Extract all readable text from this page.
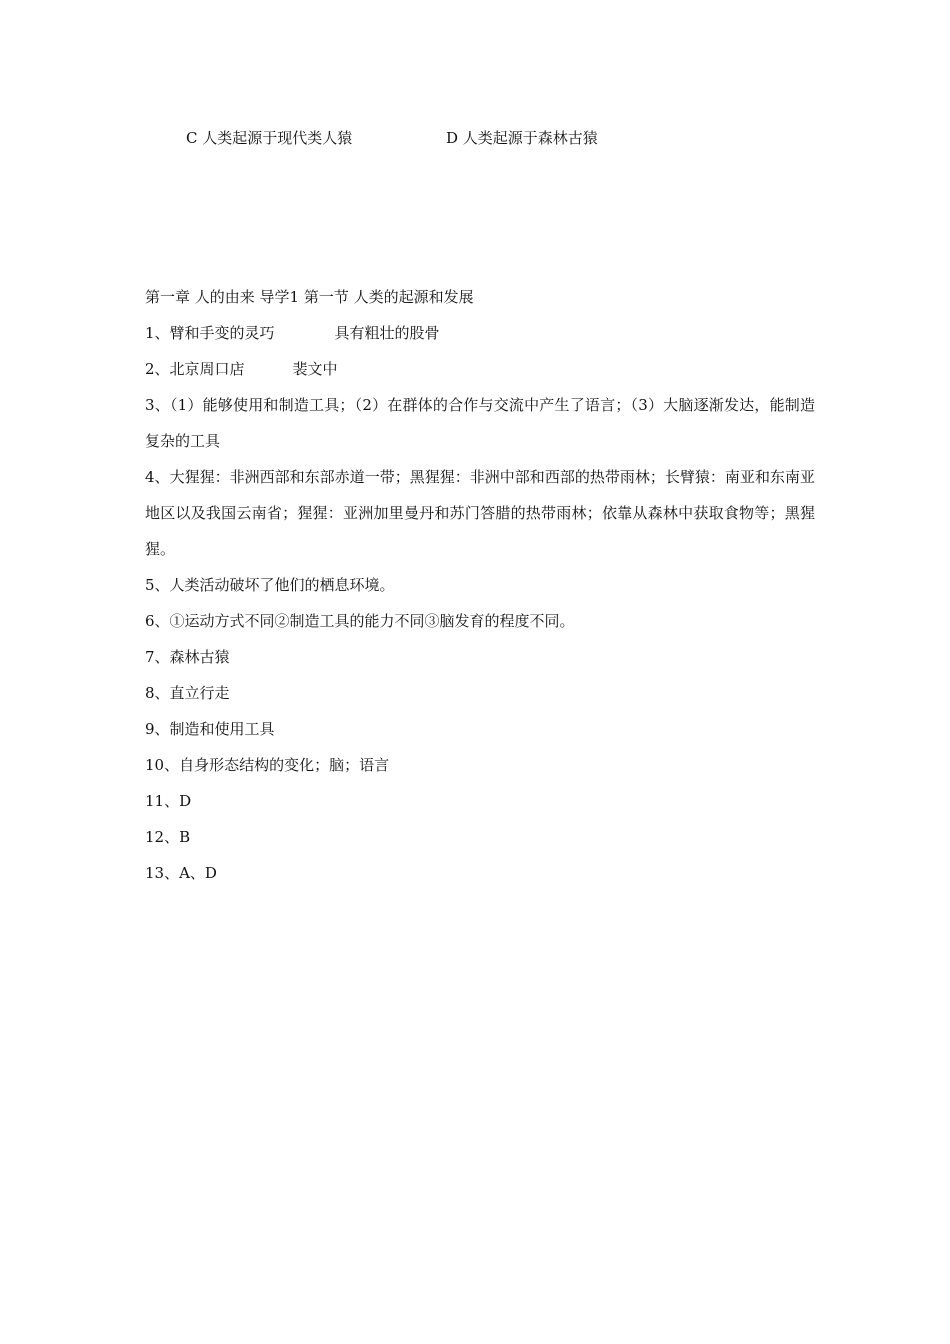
C 人类起源于现代类人猿	D 人类起源于森林古猿
第一章 人的由来 导学1 第一节 人类的起源和发展
1、臂和手变的灵巧	具有粗壮的股骨
2、北京周口店	裴文中
3、（1）能够使用和制造工具；（2）在群体的合作与交流中产生了语言；（3）大脑逐渐发达，能制造复杂的工具
4、大猩猩：非洲西部和东部赤道一带；黑猩猩：非洲中部和西部的热带雨林；长臂猿：南亚和东南亚地区以及我国云南省；猩猩：亚洲加里曼丹和苏门答腊的热带雨林；依靠从森林中获取食物等；黑猩猩。
5、人类活动破坏了他们的栖息环境。
6、①运动方式不同②制造工具的能力不同③脑发育的程度不同。
7、森林古猿
8、直立行走
9、制造和使用工具
10、自身形态结构的变化；脑；语言
11、D
12、B
13、A、D
